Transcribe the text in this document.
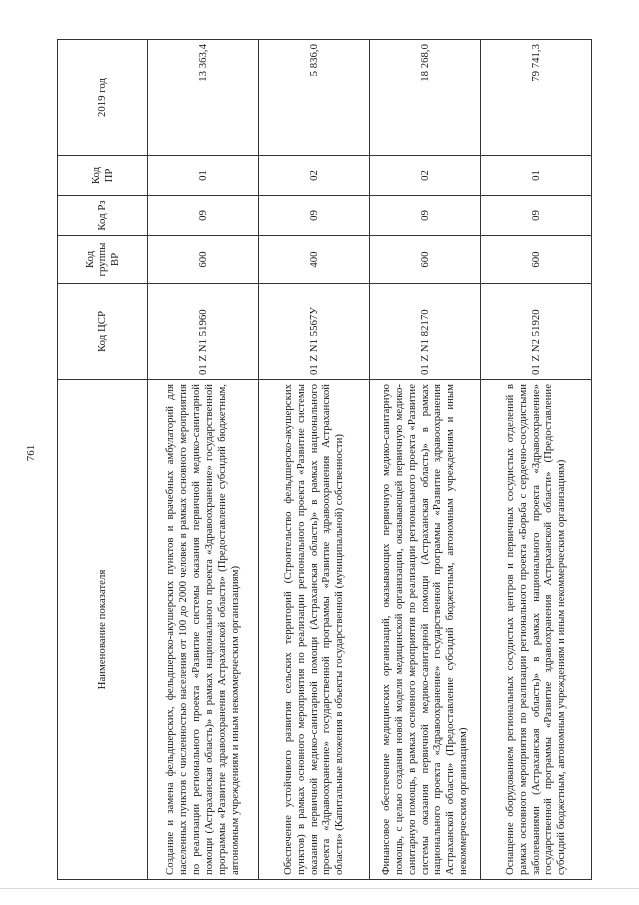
761
Наименование показателя	Код ЦСР	Код группы ВР	Код Рз	Код ПР	2019 год
Создание и замена фельдшерских, фельдшерско-акушерских пунктов и врачебных амбулаторий для населенных пунктов с численностью населения от 100 до 2000 человек в рамках основного мероприятия по реализации регионального проекта «Развитие системы оказания первичной медико-санитарной помощи (Астраханская область)» в рамках национального проекта «Здравоохранение» государственной программы «Развитие здравоохранения Астраханской области» (Предоставление субсидий бюджетным, автономным учреждениям и иным некоммерческим организациям)	01 Z N1 51960	600	09	01	13 363,4
Обеспечение устойчивого развития сельских территорий (Строительство фельдшерско-акушерских пунктов) в рамках основного мероприятия по реализации регионального проекта «Развитие системы оказания первичной медико-санитарной помощи (Астраханская область)» в рамках национального проекта «Здравоохранение» государственной программы «Развитие здравоохранения Астраханской области» (Капитальные вложения в объекты государственной (муниципальной) собственности)	01 Z N1 5567У	400	09	02	5 836,0
Финансовое обеспечение медицинских организаций, оказывающих первичную медико-санитарную помощь, с целью создания новой модели медицинской организации, оказывающей первичную медико-санитарную помощь, в рамках основного мероприятия по реализации регионального проекта «Развитие системы оказания первичной медико-санитарной помощи (Астраханская область)» в рамках национального проекта «Здравоохранение» государственной программы «Развитие здравоохранения Астраханской области» (Предоставление субсидий бюджетным, автономным учреждениям и иным некоммерческим организациям)	01 Z N1 82170	600	09	02	18 268,0
Оснащение оборудованием региональных сосудистых центров и первичных сосудистых отделений в рамках основного мероприятия по реализации регионального проекта «Борьба с сердечно-сосудистыми заболеваниями (Астраханская область)» в рамках национального проекта «Здравоохранение» государственной программы «Развитие здравоохранения Астраханской области» (Предоставление субсидий бюджетным, автономным учреждениям и иным некоммерческим организациям)	01 Z N2 51920	600	09	01	79 741,3
